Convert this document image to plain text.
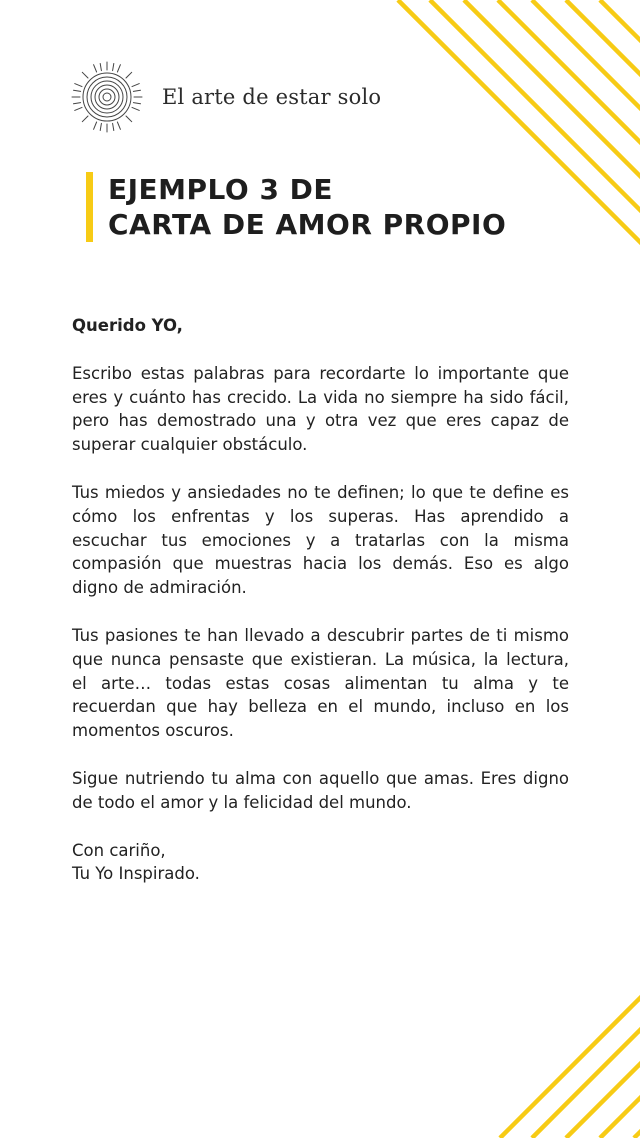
El arte de estar solo
EJEMPLO 3 DE
CARTA DE AMOR PROPIO

Querido YO,

Escribo estas palabras para recordarte lo importante que eres y cuánto has crecido. La vida no siempre ha sido fácil, pero has demostrado una y otra vez que eres capaz de superar cualquier obstáculo.

Tus miedos y ansiedades no te definen; lo que te define es cómo los enfrentas y los superas. Has aprendido a escuchar tus emociones y a tratarlas con la misma compasión que muestras hacia los demás. Eso es algo digno de admiración.

Tus pasiones te han llevado a descubrir partes de ti mismo que nunca pensaste que existieran. La música, la lectura, el arte… todas estas cosas alimentan tu alma y te recuerdan que hay belleza en el mundo, incluso en los momentos oscuros.

Sigue nutriendo tu alma con aquello que amas. Eres digno de todo el amor y la felicidad del mundo.

Con cariño,
Tu Yo Inspirado.
